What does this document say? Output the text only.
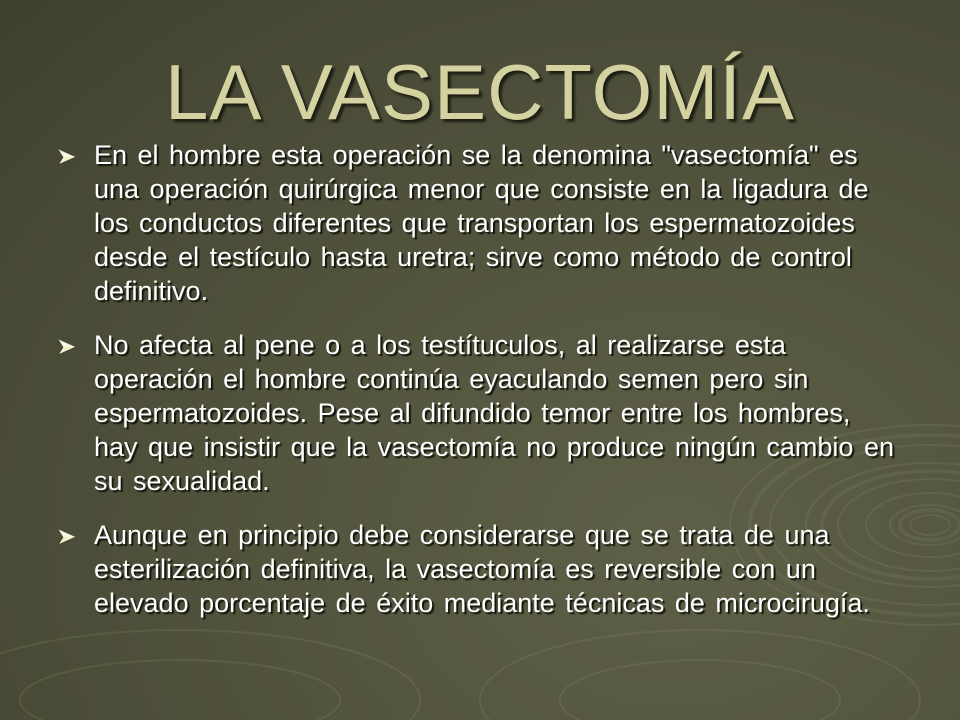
LA VASECTOMÍA
En el hombre esta operación se la denomina "vasectomía" es una operación quirúrgica menor que consiste en la ligadura de los conductos diferentes que transportan los espermatozoides desde el testículo hasta uretra; sirve como método de control definitivo.
No afecta al pene o a los testítuculos, al realizarse esta operación el hombre continúa eyaculando semen pero sin espermatozoides. Pese al difundido temor entre los hombres, hay que insistir que la vasectomía no produce ningún cambio en su sexualidad.
Aunque en principio debe considerarse que se trata de una esterilización definitiva, la vasectomía es reversible con un elevado porcentaje de éxito mediante técnicas de microcirugía.
